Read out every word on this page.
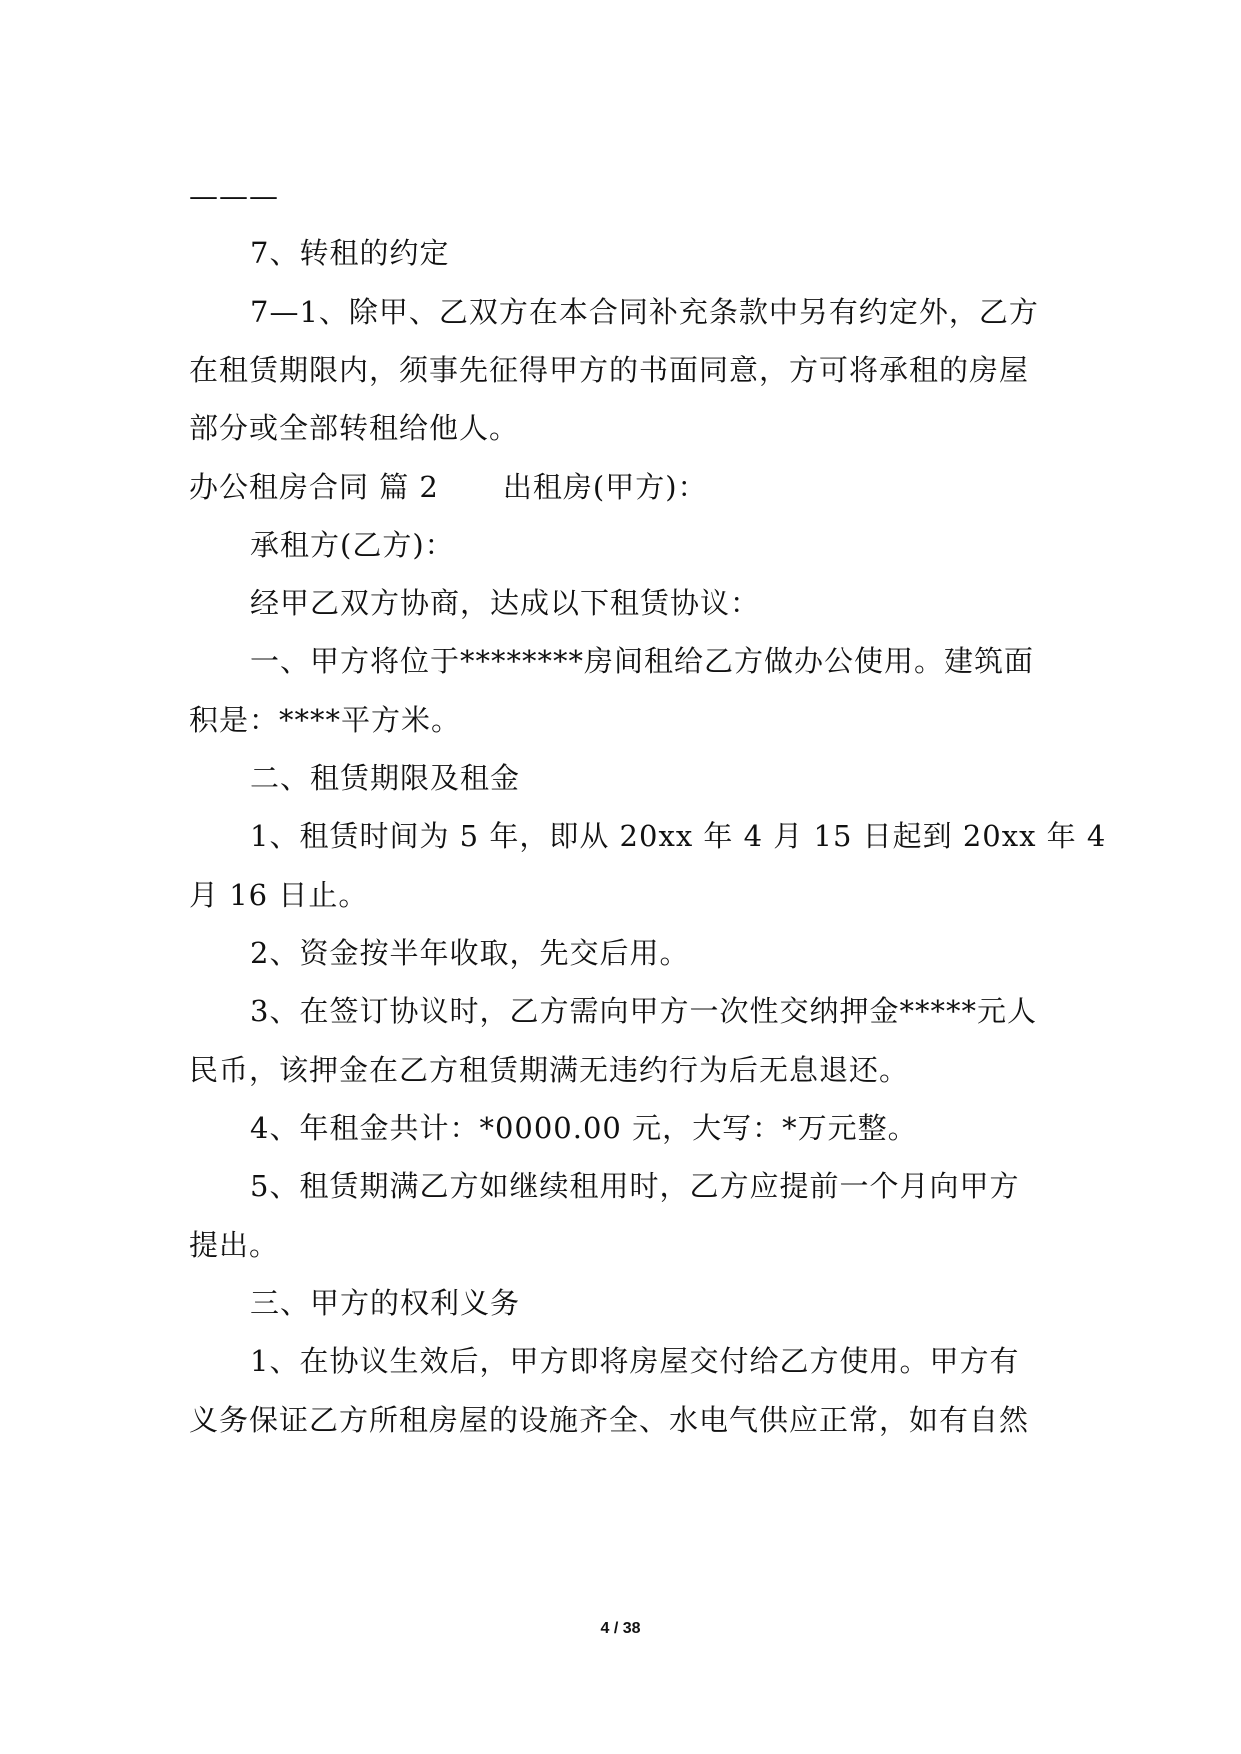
———
7、转租的约定
7—1、除甲、乙双方在本合同补充条款中另有约定外，乙方
在租赁期限内，须事先征得甲方的书面同意，方可将承租的房屋
部分或全部转租给他人。
办公租房合同 篇 2 出租房(甲方)：
承租方(乙方)：
经甲乙双方协商，达成以下租赁协议：
一、甲方将位于********房间租给乙方做办公使用。建筑面
积是：****平方米。
二、租赁期限及租金
1、租赁时间为 5 年，即从 20xx 年 4 月 15 日起到 20xx 年 4
月 16 日止。
2、资金按半年收取，先交后用。
3、在签订协议时，乙方需向甲方一次性交纳押金*****元人
民币，该押金在乙方租赁期满无违约行为后无息退还。
4、年租金共计：*0000.00 元，大写：*万元整。
5、租赁期满乙方如继续租用时，乙方应提前一个月向甲方
提出。
三、甲方的权利义务
1、在协议生效后，甲方即将房屋交付给乙方使用。甲方有
义务保证乙方所租房屋的设施齐全、水电气供应正常，如有自然
4 / 38
